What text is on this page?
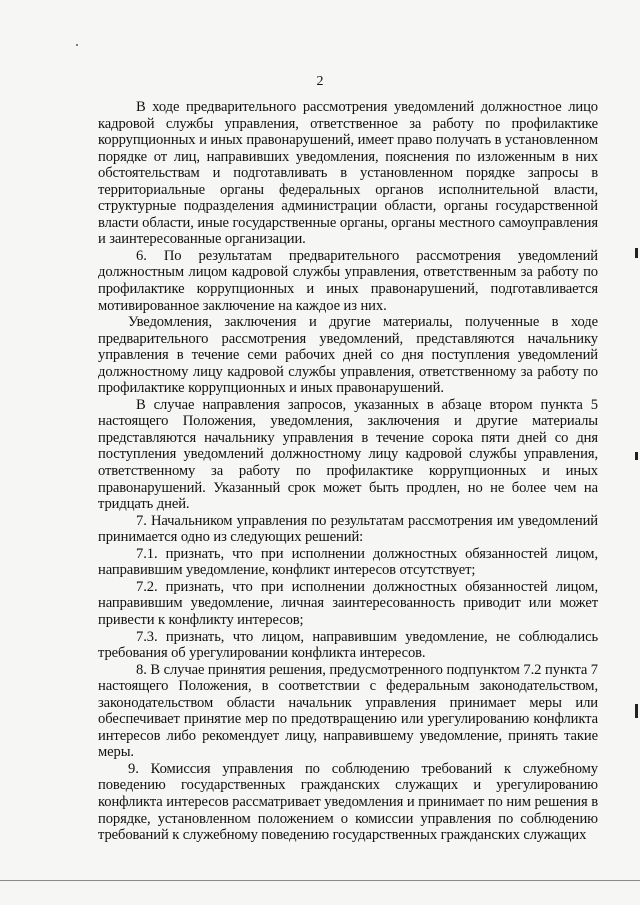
2

В ходе предварительного рассмотрения уведомлений должностное лицо кадровой службы управления, ответственное за работу по профилактике коррупционных и иных правонарушений, имеет право получать в установленном порядке от лиц, направивших уведомления, пояснения по изложенным в них обстоятельствам и подготавливать в установленном порядке запросы в территориальные органы федеральных органов исполнительной власти, структурные подразделения администрации области, органы государственной власти области, иные государственные органы, органы местного самоуправления и заинтересованные организации.

6. По результатам предварительного рассмотрения уведомлений должностным лицом кадровой службы управления, ответственным за работу по профилактике коррупционных и иных правонарушений, подготавливается мотивированное заключение на каждое из них.

Уведомления, заключения и другие материалы, полученные в ходе предварительного рассмотрения уведомлений, представляются начальнику управления в течение семи рабочих дней со дня поступления уведомлений должностному лицу кадровой службы управления, ответственному за работу по профилактике коррупционных и иных правонарушений.

В случае направления запросов, указанных в абзаце втором пункта 5 настоящего Положения, уведомления, заключения и другие материалы представляются начальнику управления в течение сорока пяти дней со дня поступления уведомлений должностному лицу кадровой службы управления, ответственному за работу по профилактике коррупционных и иных правонарушений. Указанный срок может быть продлен, но не более чем на тридцать дней.

7. Начальником управления по результатам рассмотрения им уведомлений принимается одно из следующих решений:

7.1. признать, что при исполнении должностных обязанностей лицом, направившим уведомление, конфликт интересов отсутствует;

7.2. признать, что при исполнении должностных обязанностей лицом, направившим уведомление, личная заинтересованность приводит или может привести к конфликту интересов;

7.3. признать, что лицом, направившим уведомление, не соблюдались требования об урегулировании конфликта интересов.

8. В случае принятия решения, предусмотренного подпунктом 7.2 пункта 7 настоящего Положения, в соответствии с федеральным законодательством, законодательством области начальник управления принимает меры или обеспечивает принятие мер по предотвращению или урегулированию конфликта интересов либо рекомендует лицу, направившему уведомление, принять такие меры.

9. Комиссия управления по соблюдению требований к служебному поведению государственных гражданских служащих и урегулированию конфликта интересов рассматривает уведомления и принимает по ним решения в порядке, установленном положением о комиссии управления по соблюдению требований к служебному поведению государственных гражданских служащих
